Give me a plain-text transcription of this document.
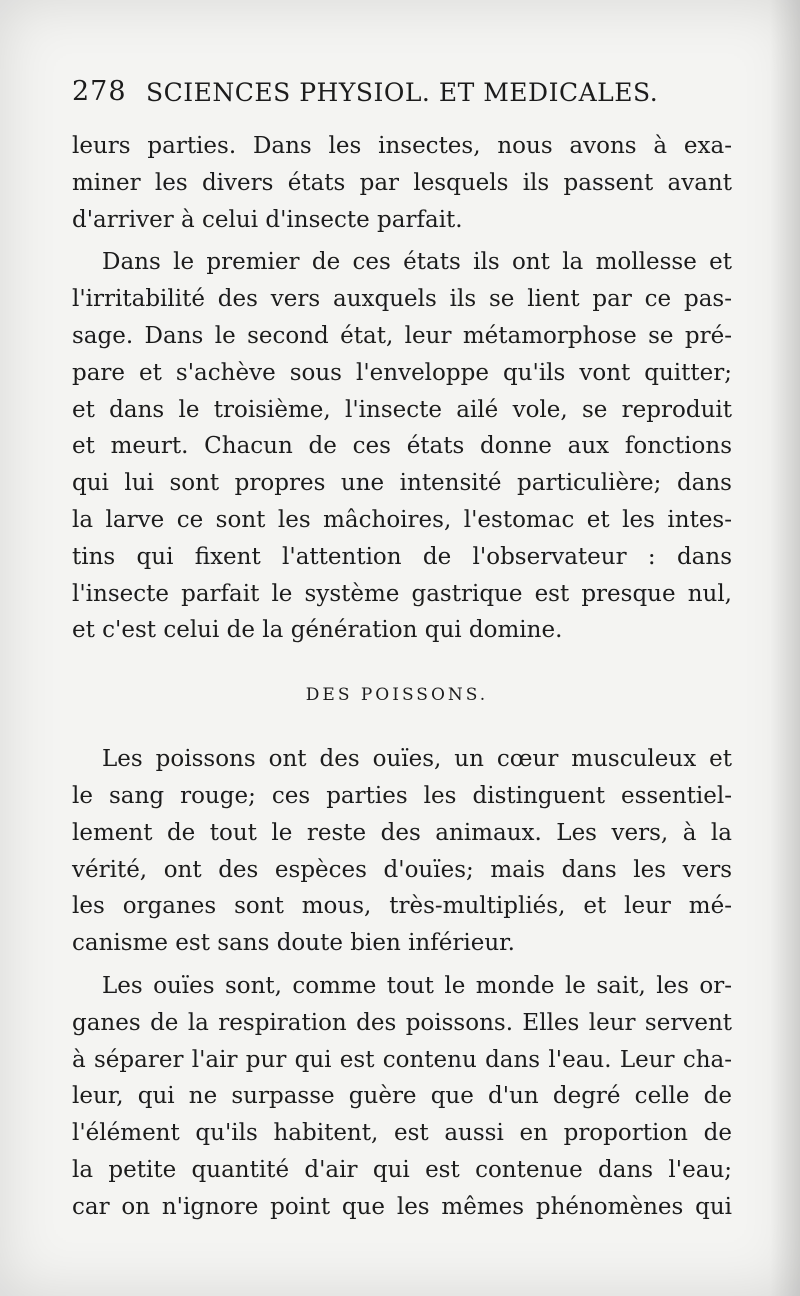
278 SCIENCES PHYSIOL. ET MEDICALES.
leurs parties. Dans les insectes, nous avons à exa-
miner les divers états par lesquels ils passent avant
d'arriver à celui d'insecte parfait.
Dans le premier de ces états ils ont la mollesse et
l'irritabilité des vers auxquels ils se lient par ce pas-
sage. Dans le second état, leur métamorphose se pré-
pare et s'achève sous l'enveloppe qu'ils vont quitter;
et dans le troisième, l'insecte ailé vole, se reproduit
et meurt. Chacun de ces états donne aux fonctions
qui lui sont propres une intensité particulière; dans
la larve ce sont les mâchoires, l'estomac et les intes-
tins qui fixent l'attention de l'observateur : dans
l'insecte parfait le système gastrique est presque nul,
et c'est celui de la génération qui domine.
DES POISSONS.
Les poissons ont des ouïes, un cœur musculeux et
le sang rouge; ces parties les distinguent essentiel-
lement de tout le reste des animaux. Les vers, à la
vérité, ont des espèces d'ouïes; mais dans les vers
les organes sont mous, très-multipliés, et leur mé-
canisme est sans doute bien inférieur.
Les ouïes sont, comme tout le monde le sait, les or-
ganes de la respiration des poissons. Elles leur servent
à séparer l'air pur qui est contenu dans l'eau. Leur cha-
leur, qui ne surpasse guère que d'un degré celle de
l'élément qu'ils habitent, est aussi en proportion de
la petite quantité d'air qui est contenue dans l'eau;
car on n'ignore point que les mêmes phénomènes qui
